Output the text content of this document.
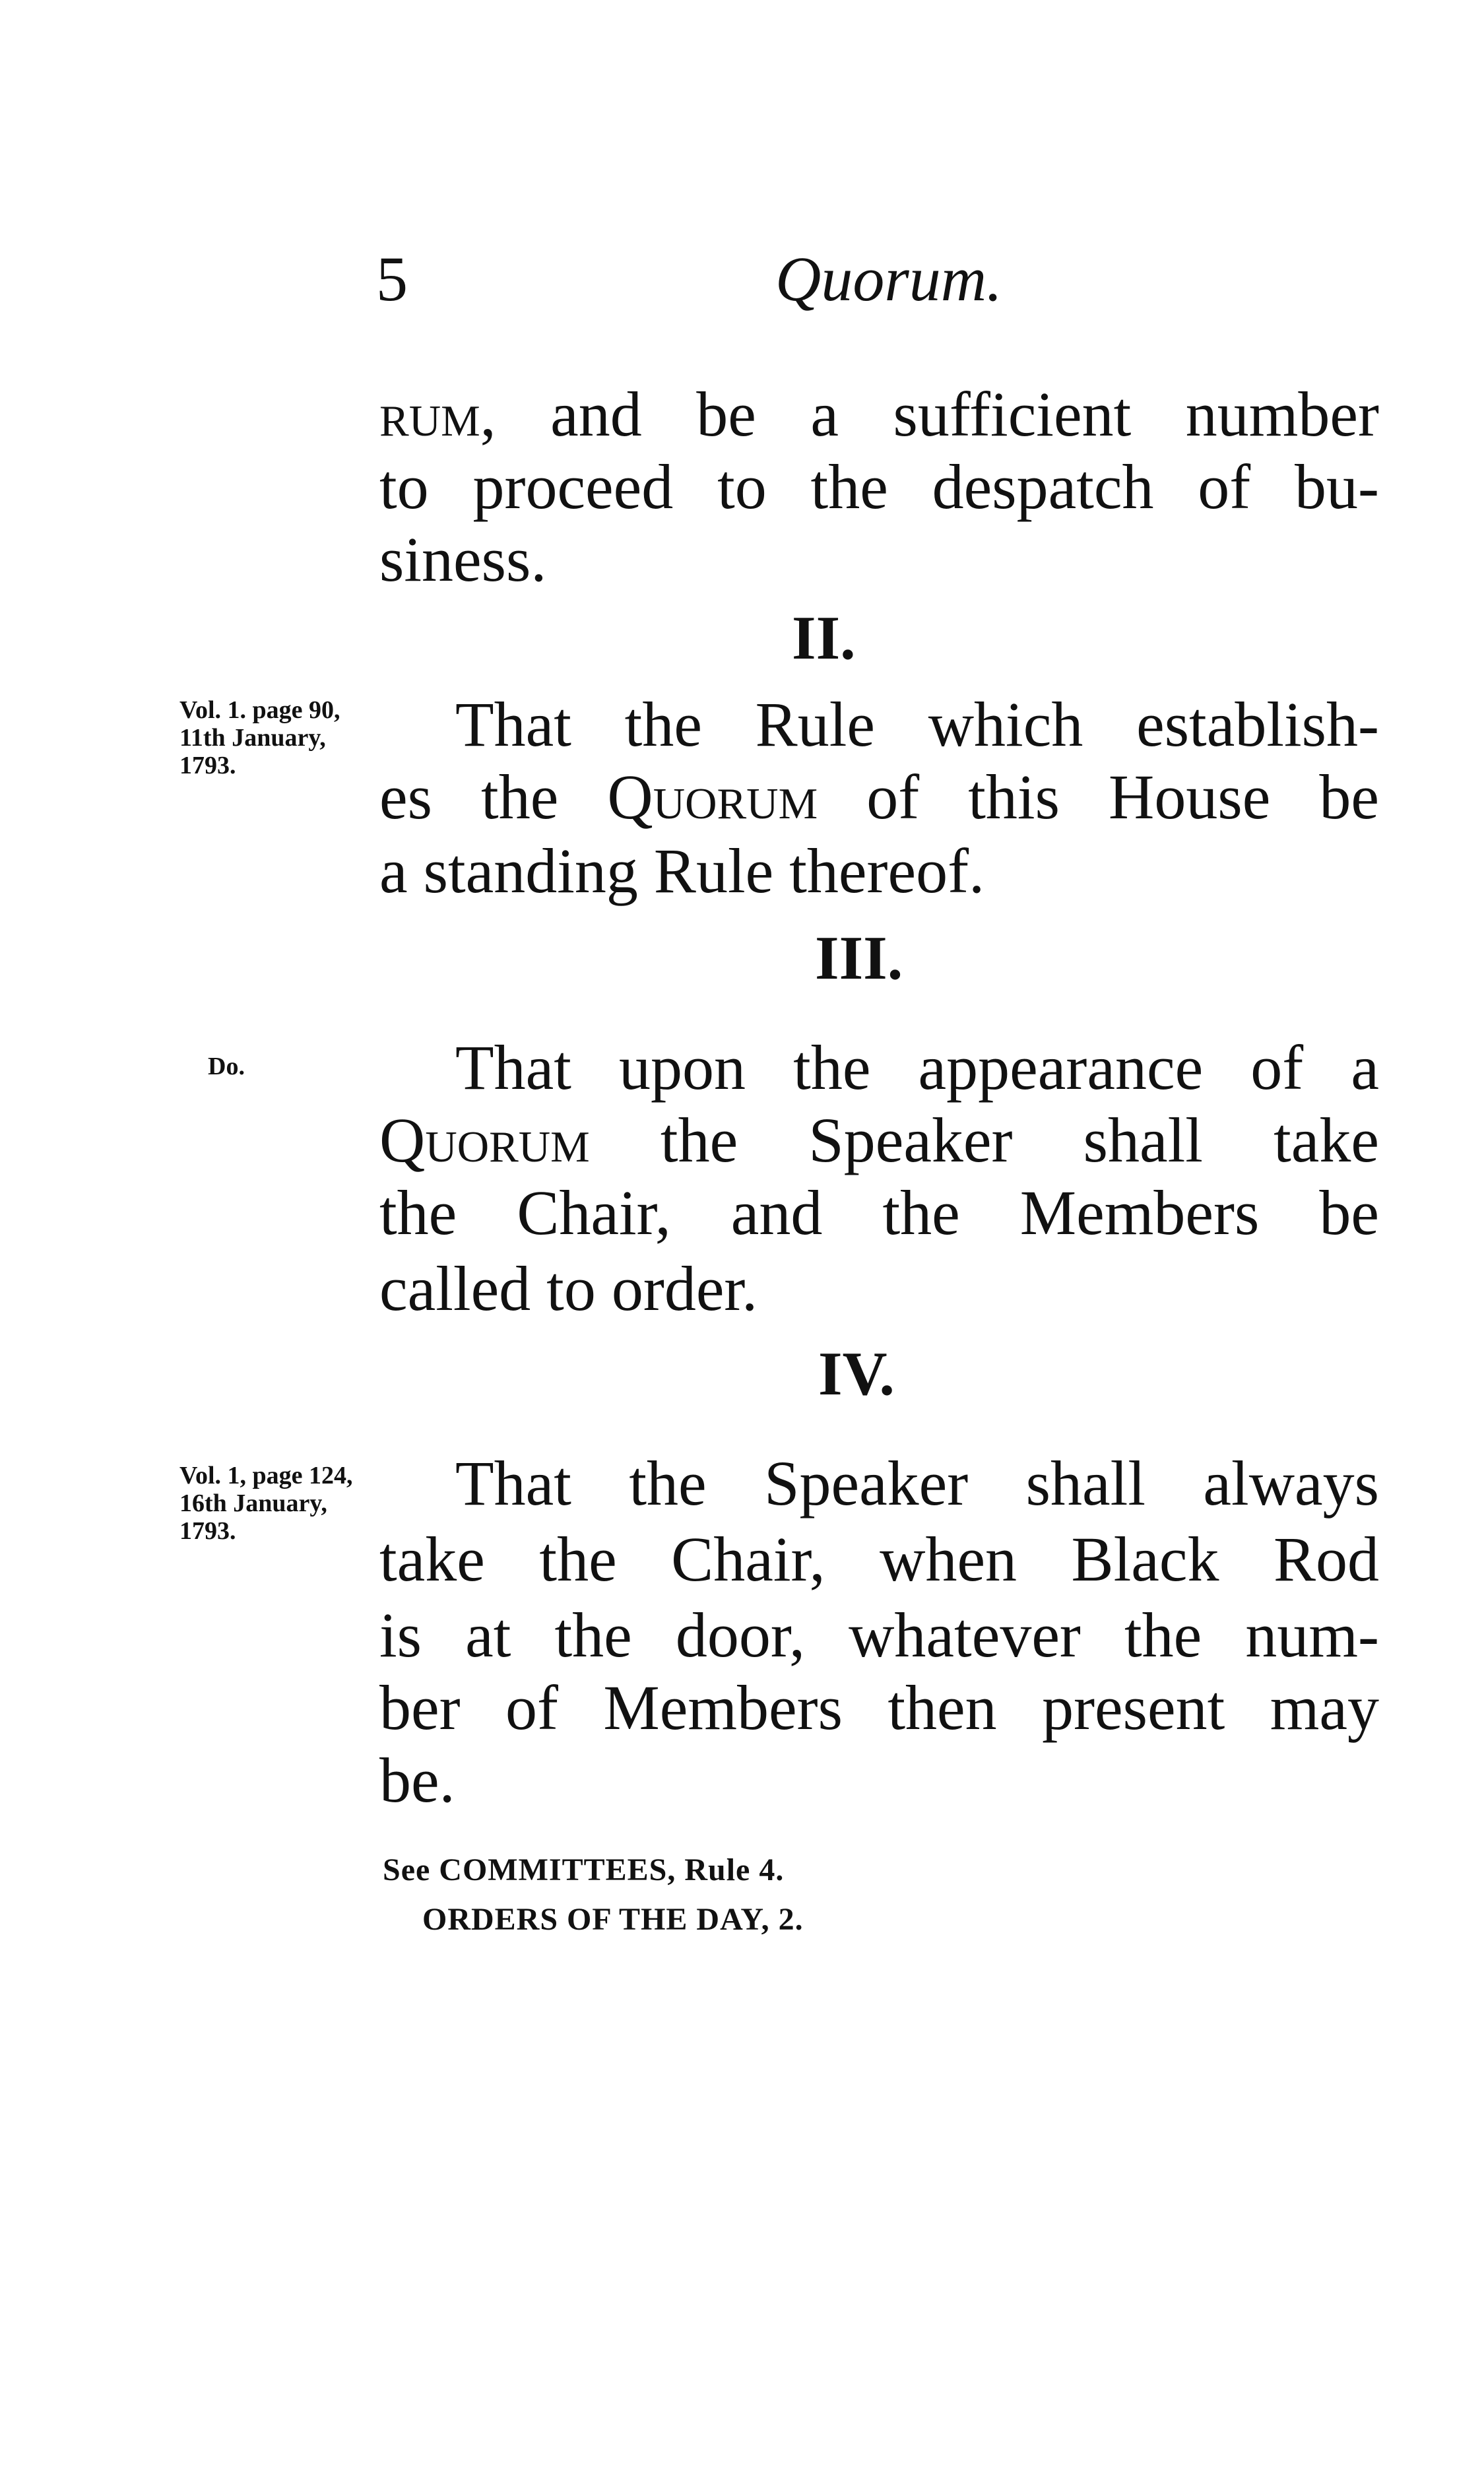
5	Quorum.
rum, and be a sufficient number
to proceed to the despatch of bu-
siness.
II.
Vol. 1. page 90, 11th January, 1793.
That the Rule which establish-
es the Quorum of this House be
a standing Rule thereof.
III.
Do.	That upon the appearance of a
Quorum the Speaker shall take
the Chair, and the Members be
called to order.
IV.
Vol. 1, page 124, 16th January, 1793.
That the Speaker shall always
take the Chair, when Black Rod
is at the door, whatever the num-
ber of Members then present may
be.
See COMMITTEES, Rule 4.
ORDERS OF THE DAY, 2.
